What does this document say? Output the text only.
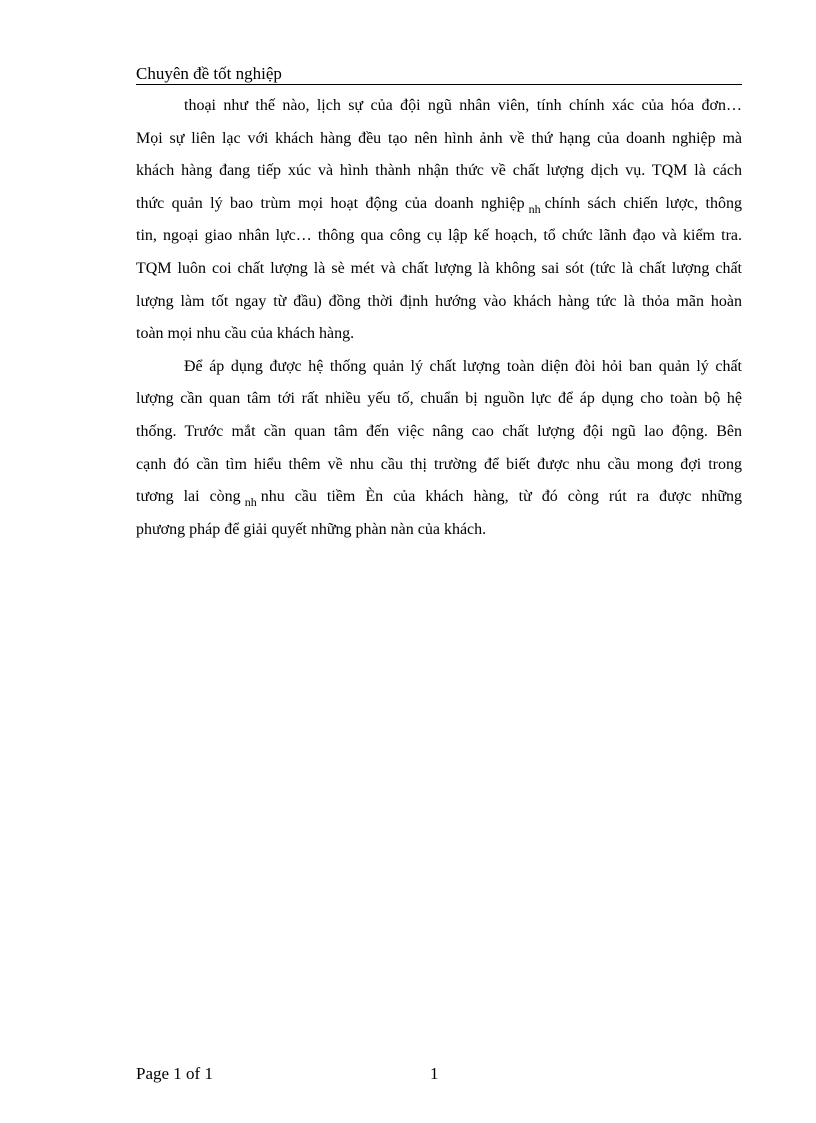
Chuyên đề tốt nghiệp
thoại như thế nào, lịch sự của đội ngũ nhân viên, tính chính xác của hóa đơn…
Mọi sự liên lạc với khách hàng đều tạo nên hình ảnh về thứ hạng của doanh nghiệp mà
khách hàng đang tiếp xúc và hình thành nhận thức về chất lượng dịch vụ. TQM là cách
thức quản lý bao trùm mọi hoạt động của doanh nghiệp $_{nh}$ chính sách chiến lược, thông
tin, ngoại giao nhân lực… thông qua công cụ lập kế hoạch, tổ chức lãnh đạo và kiểm tra.
TQM luôn coi chất lượng là sè mét và chất lượng là không sai sót (tức là chất lượng chất
lượng làm tốt ngay từ đầu) đồng thời định hướng vào khách hàng tức là thỏa mãn hoàn
toàn mọi nhu cầu của khách hàng.
Để áp dụng được hệ thống quản lý chất lượng toàn diện đòi hỏi ban quản lý chất
lượng cần quan tâm tới rất nhiều yếu tố, chuẩn bị nguồn lực để áp dụng cho toàn bộ hệ
thống. Trước mắt cần quan tâm đến việc nâng cao chất lượng đội ngũ lao động. Bên
cạnh đó cần tìm hiểu thêm về nhu cầu thị trường để biết được nhu cầu mong đợi trong
tương lai còng $_{nh}$ nhu cầu tiềm Èn của khách hàng, từ đó còng rút ra được những
phương pháp để giải quyết những phàn nàn của khách.
Page 1 of 1	1
